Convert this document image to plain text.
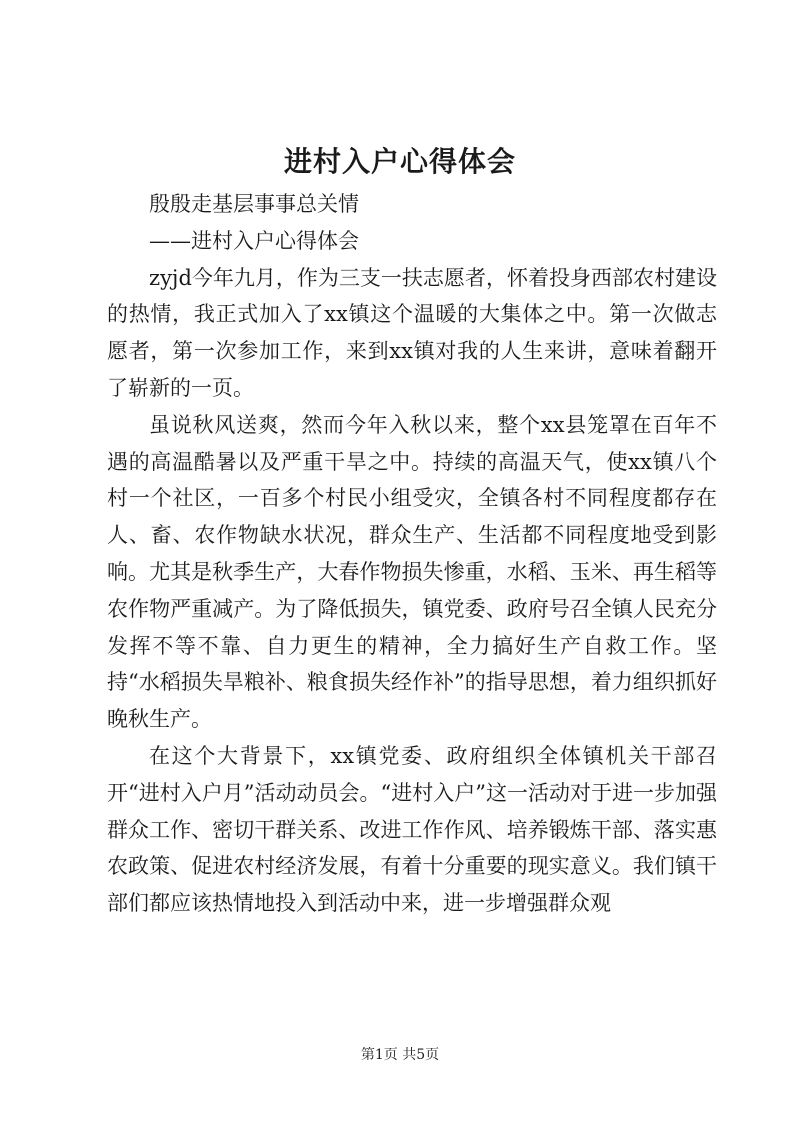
进村入户心得体会

殷殷走基层事事总关情

——进村入户心得体会

zyjd今年九月，作为三支一扶志愿者，怀着投身西部农村建设的热情，我正式加入了xx镇这个温暖的大集体之中。第一次做志愿者，第一次参加工作，来到xx镇对我的人生来讲，意味着翻开了崭新的一页。

虽说秋风送爽，然而今年入秋以来，整个xx县笼罩在百年不遇的高温酷暑以及严重干旱之中。持续的高温天气，使xx镇八个村一个社区，一百多个村民小组受灾，全镇各村不同程度都存在人、畜、农作物缺水状况，群众生产、生活都不同程度地受到影响。尤其是秋季生产，大春作物损失惨重，水稻、玉米、再生稻等农作物严重减产。为了降低损失，镇党委、政府号召全镇人民充分发挥不等不靠、自力更生的精神，全力搞好生产自救工作。坚持“水稻损失旱粮补、粮食损失经作补”的指导思想，着力组织抓好晚秋生产。

在这个大背景下，xx镇党委、政府组织全体镇机关干部召开“进村入户月”活动动员会。“进村入户”这一活动对于进一步加强群众工作、密切干群关系、改进工作作风、培养锻炼干部、落实惠农政策、促进农村经济发展，有着十分重要的现实意义。我们镇干部们都应该热情地投入到活动中来，进一步增强群众观

第1页 共5页
